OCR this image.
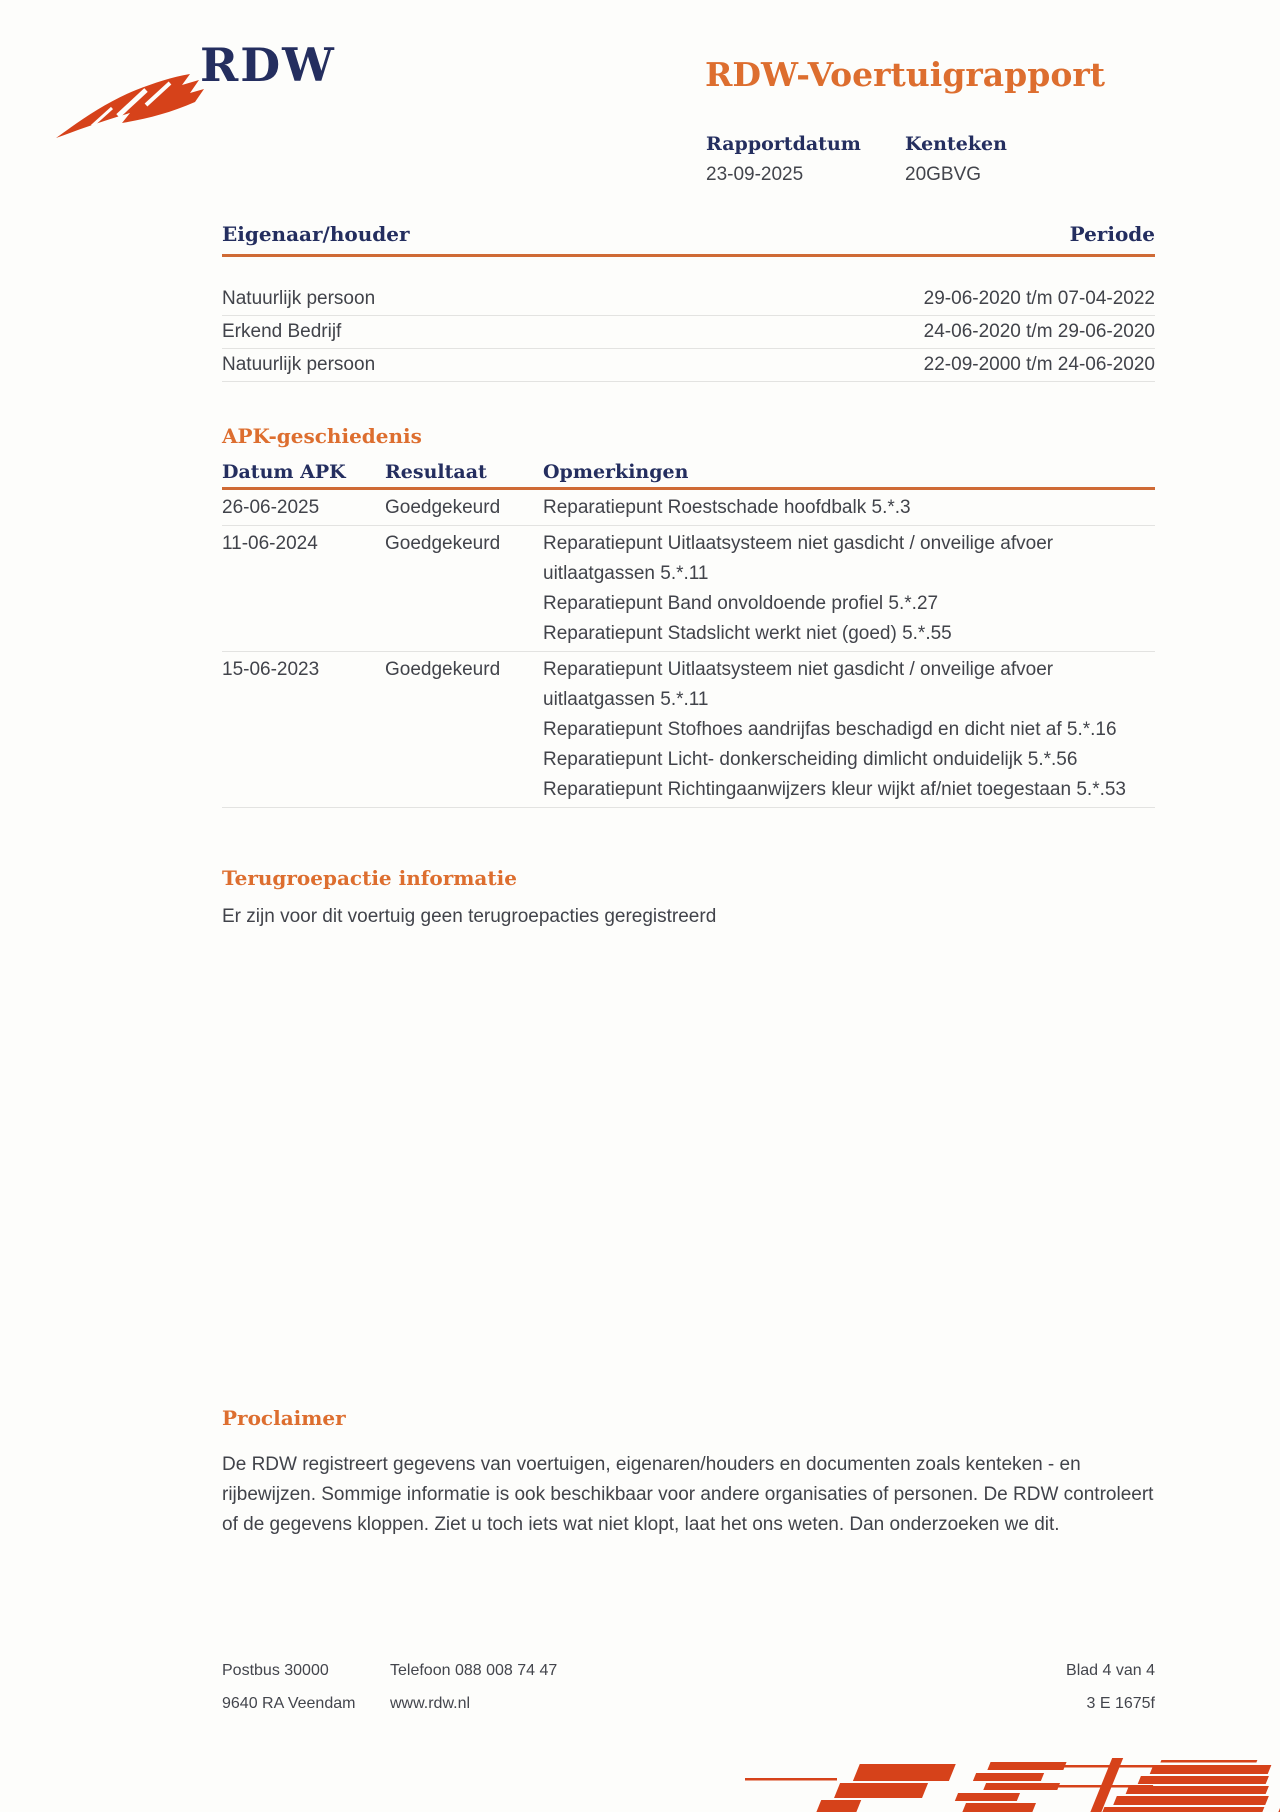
RDW	RDW-Voertuigrapport
Rapportdatum
23-09-2025
Kenteken
20GBVG
Eigenaar/houder	Periode
Natuurlijk persoon	29-06-2020 t/m 07-04-2022
Erkend Bedrijf	24-06-2020 t/m 29-06-2020
Natuurlijk persoon	22-09-2000 t/m 24-06-2020
APK-geschiedenis
Datum APK	Resultaat	Opmerkingen
26-06-2025	Goedgekeurd	Reparatiepunt Roestschade hoofdbalk 5.*.3
11-06-2024	Goedgekeurd	Reparatiepunt Uitlaatsysteem niet gasdicht / onveilige afvoer uitlaatgassen 5.*.11
Reparatiepunt Band onvoldoende profiel 5.*.27
Reparatiepunt Stadslicht werkt niet (goed) 5.*.55
15-06-2023	Goedgekeurd	Reparatiepunt Uitlaatsysteem niet gasdicht / onveilige afvoer uitlaatgassen 5.*.11
Reparatiepunt Stofhoes aandrijfas beschadigd en dicht niet af 5.*.16
Reparatiepunt Licht- donkerscheiding dimlicht onduidelijk 5.*.56
Reparatiepunt Richtingaanwijzers kleur wijkt af/niet toegestaan 5.*.53
Terugroepactie informatie
Er zijn voor dit voertuig geen terugroepacties geregistreerd
Proclaimer
De RDW registreert gegevens van voertuigen, eigenaren/houders en documenten zoals kenteken - en rijbewijzen. Sommige informatie is ook beschikbaar voor andere organisaties of personen. De RDW controleert of de gegevens kloppen. Ziet u toch iets wat niet klopt, laat het ons weten. Dan onderzoeken we dit.
Postbus 30000
9640 RA Veendam
Telefoon 088 008 74 47
www.rdw.nl
Blad 4 van 4
3 E 1675f
